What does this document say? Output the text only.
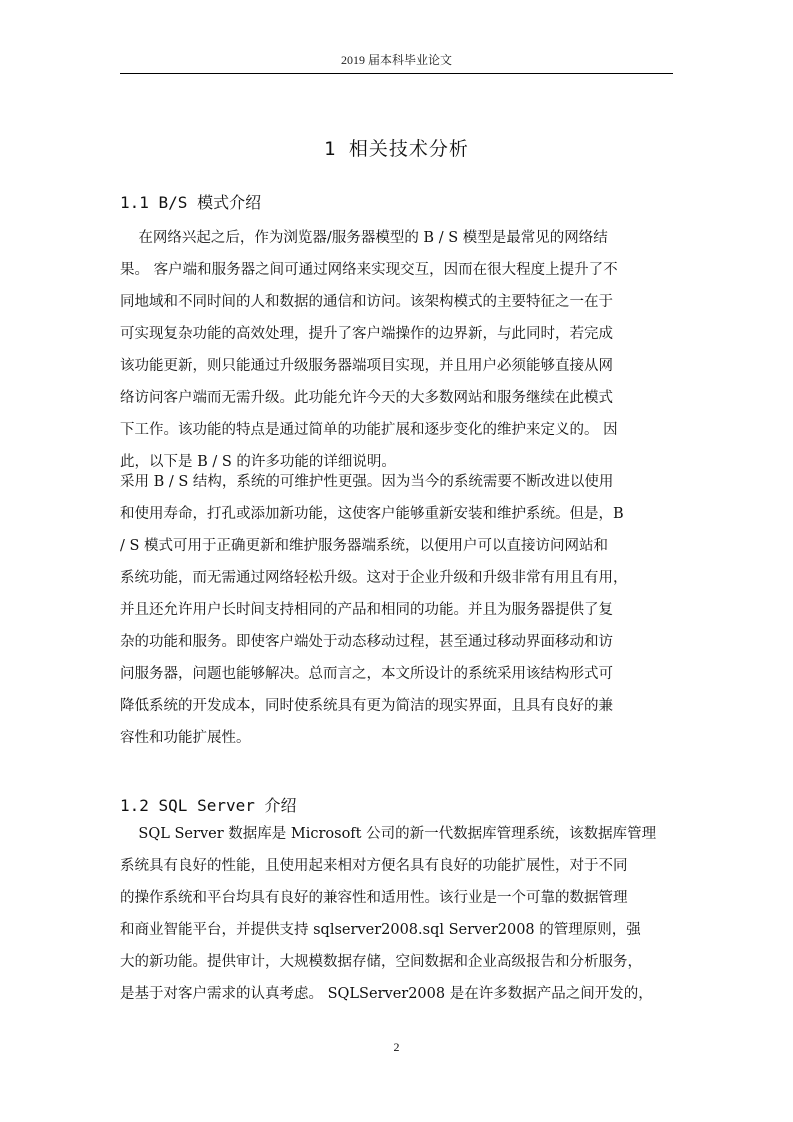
2019 届本科毕业论文
1 相关技术分析
1.1 B/S 模式介绍
在网络兴起之后，作为浏览器/服务器模型的 B / S 模型是最常见的网络结
果。 客户端和服务器之间可通过网络来实现交互，因而在很大程度上提升了不
同地域和不同时间的人和数据的通信和访问。该架构模式的主要特征之一在于
可实现复杂功能的高效处理，提升了客户端操作的边界新，与此同时，若完成
该功能更新，则只能通过升级服务器端项目实现，并且用户必须能够直接从网
络访问客户端而无需升级。此功能允许今天的大多数网站和服务继续在此模式
下工作。该功能的特点是通过简单的功能扩展和逐步变化的维护来定义的。 因
此，以下是 B / S 的许多功能的详细说明。
采用 B / S 结构，系统的可维护性更强。因为当今的系统需要不断改进以使用
和使用寿命，打孔或添加新功能，这使客户能够重新安装和维护系统。但是，B
/ S 模式可用于正确更新和维护服务器端系统，以便用户可以直接访问网站和
系统功能，而无需通过网络轻松升级。这对于企业升级和升级非常有用且有用，
并且还允许用户长时间支持相同的产品和相同的功能。并且为服务器提供了复
杂的功能和服务。即使客户端处于动态移动过程，甚至通过移动界面移动和访
问服务器，问题也能够解决。总而言之，本文所设计的系统采用该结构形式可
降低系统的开发成本，同时使系统具有更为简洁的现实界面，且具有良好的兼
容性和功能扩展性。
1.2 SQL Server 介绍
SQL Server 数据库是 Microsoft 公司的新一代数据库管理系统，该数据库管理
系统具有良好的性能，且使用起来相对方便名具有良好的功能扩展性，对于不同
的操作系统和平台均具有良好的兼容性和适用性。该行业是一个可靠的数据管理
和商业智能平台，并提供支持 sqlserver2008.sql Server2008 的管理原则，强
大的新功能。提供审计，大规模数据存储，空间数据和企业高级报告和分析服务，
是基于对客户需求的认真考虑。 SQLServer2008 是在许多数据产品之间开发的，
2
